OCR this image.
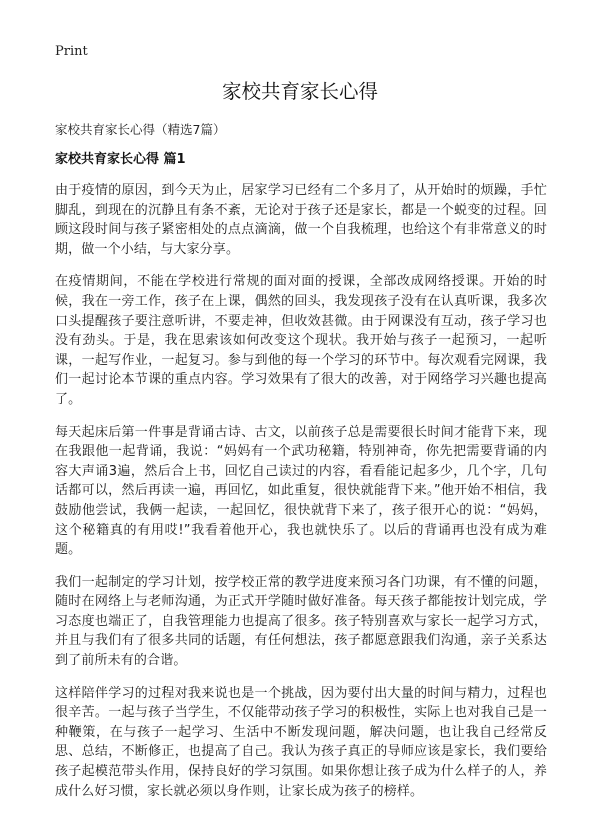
Print
家校共育家长心得
家校共育家长心得（精选7篇）
家校共育家长心得 篇1

由于疫情的原因，到今天为止，居家学习已经有二个多月了，从开始时的烦躁，手忙脚乱，到现在的沉静且有条不紊，无论对于孩子还是家长，都是一个蜕变的过程。回顾这段时间与孩子紧密相处的点点滴滴，做一个自我梳理，也给这个有非常意义的时期，做一个小结，与大家分享。

在疫情期间，不能在学校进行常规的面对面的授课，全部改成网络授课。开始的时候，我在一旁工作，孩子在上课，偶然的回头，我发现孩子没有在认真听课，我多次口头提醒孩子要注意听讲，不要走神，但收效甚微。由于网课没有互动，孩子学习也没有劲头。于是，我在思索该如何改变这个现状。我开始与孩子一起预习，一起听课，一起写作业，一起复习。参与到他的每一个学习的环节中。每次观看完网课，我们一起讨论本节课的重点内容。学习效果有了很大的改善，对于网络学习兴趣也提高了。

每天起床后第一件事是背诵古诗、古文，以前孩子总是需要很长时间才能背下来，现在我跟他一起背诵，我说：“妈妈有一个武功秘籍，特别神奇，你先把需要背诵的内容大声诵3遍，然后合上书，回忆自己读过的内容，看看能记起多少，几个字，几句话都可以，然后再读一遍，再回忆，如此重复，很快就能背下来。”他开始不相信，我鼓励他尝试，我俩一起读，一起回忆，很快就背下来了，孩子很开心的说：“妈妈，这个秘籍真的有用哎!”我看着他开心，我也就快乐了。以后的背诵再也没有成为难题。

我们一起制定的学习计划，按学校正常的教学进度来预习各门功课，有不懂的问题，随时在网络上与老师沟通，为正式开学随时做好准备。每天孩子都能按计划完成，学习态度也端正了，自我管理能力也提高了很多。孩子特别喜欢与家长一起学习方式，并且与我们有了很多共同的话题，有任何想法，孩子都愿意跟我们沟通，亲子关系达到了前所未有的合谐。

这样陪伴学习的过程对我来说也是一个挑战，因为要付出大量的时间与精力，过程也很辛苦。一起与孩子当学生，不仅能带动孩子学习的积极性，实际上也对我自己是一种鞭策，在与孩子一起学习、生活中不断发现问题，解决问题，也让我自己经常反思、总结，不断修正，也提高了自己。我认为孩子真正的导师应该是家长，我们要给孩子起模范带头作用，保持良好的学习氛围。如果你想让孩子成为什么样子的人，养成什么好习惯，家长就必须以身作则，让家长成为孩子的榜样。
